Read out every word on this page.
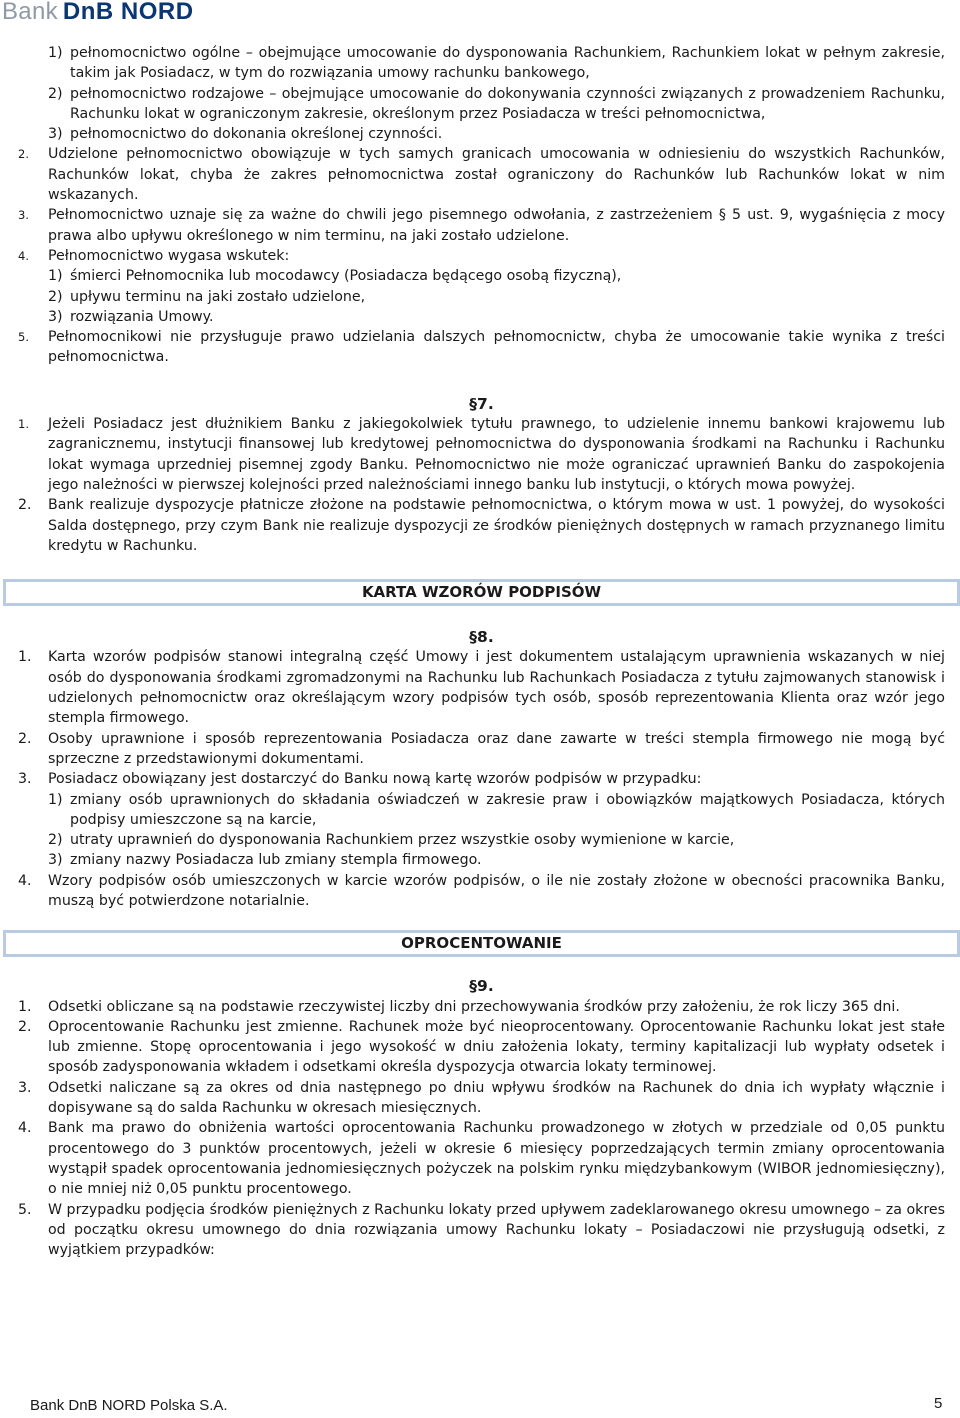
Bank DnB NORD
1) pełnomocnictwo ogólne – obejmujące umocowanie do dysponowania Rachunkiem, Rachunkiem lokat w pełnym zakresie, takim jak Posiadacz, w tym do rozwiązania umowy rachunku bankowego,
2) pełnomocnictwo rodzajowe – obejmujące umocowanie do dokonywania czynności związanych z prowadzeniem Rachunku, Rachunku lokat w ograniczonym zakresie, określonym przez Posiadacza w treści pełnomocnictwa,
3) pełnomocnictwo do dokonania określonej czynności.
2.	Udzielone pełnomocnictwo obowiązuje w tych samych granicach umocowania w odniesieniu do wszystkich Rachunków, Rachunków lokat, chyba że zakres pełnomocnictwa został ograniczony do Rachunków lub Rachunków lokat w nim wskazanych.
3.	Pełnomocnictwo uznaje się za ważne do chwili jego pisemnego odwołania, z zastrzeżeniem § 5 ust. 9, wygaśnięcia z mocy prawa albo upływu określonego w nim terminu, na jaki zostało udzielone.
4.	Pełnomocnictwo wygasa wskutek:
1) śmierci Pełnomocnika lub mocodawcy (Posiadacza będącego osobą fizyczną),
2) upływu terminu na jaki zostało udzielone,
3) rozwiązania Umowy.
5.	Pełnomocnikowi nie przysługuje prawo udzielania dalszych pełnomocnictw, chyba że umocowanie takie wynika z treści pełnomocnictwa.
§7.
1.	Jeżeli Posiadacz jest dłużnikiem Banku z jakiegokolwiek tytułu prawnego, to udzielenie innemu bankowi krajowemu lub zagranicznemu, instytucji finansowej lub kredytowej pełnomocnictwa do dysponowania środkami na Rachunku i Rachunku lokat wymaga uprzedniej pisemnej zgody Banku. Pełnomocnictwo nie może ograniczać uprawnień Banku do zaspokojenia jego należności w pierwszej kolejności przed należnościami innego banku lub instytucji, o których mowa powyżej.
2.	Bank realizuje dyspozycje płatnicze złożone na podstawie pełnomocnictwa, o którym mowa w ust. 1 powyżej, do wysokości Salda dostępnego, przy czym Bank nie realizuje dyspozycji ze środków pieniężnych dostępnych w ramach przyznanego limitu kredytu w Rachunku.
KARTA WZORÓW PODPISÓW
§8.
1.	Karta wzorów podpisów stanowi integralną część Umowy i jest dokumentem ustalającym uprawnienia wskazanych w niej osób do dysponowania środkami zgromadzonymi na Rachunku lub Rachunkach Posiadacza z tytułu zajmowanych stanowisk i udzielonych pełnomocnictw oraz określającym wzory podpisów tych osób, sposób reprezentowania Klienta oraz wzór jego stempla firmowego.
2.	Osoby uprawnione i sposób reprezentowania Posiadacza oraz dane zawarte w treści stempla firmowego nie mogą być sprzeczne z przedstawionymi dokumentami.
3.	Posiadacz obowiązany jest dostarczyć do Banku nową kartę wzorów podpisów w przypadku:
1) zmiany osób uprawnionych do składania oświadczeń w zakresie praw i obowiązków majątkowych Posiadacza, których podpisy umieszczone są na karcie,
2) utraty uprawnień do dysponowania Rachunkiem przez wszystkie osoby wymienione w karcie,
3) zmiany nazwy Posiadacza lub zmiany stempla firmowego.
4.	Wzory podpisów osób umieszczonych w karcie wzorów podpisów, o ile nie zostały złożone w obecności pracownika Banku, muszą być potwierdzone notarialnie.
OPROCENTOWANIE
§9.
1.	Odsetki obliczane są na podstawie rzeczywistej liczby dni przechowywania środków przy założeniu, że rok liczy 365 dni.
2.	Oprocentowanie Rachunku jest zmienne. Rachunek może być nieoprocentowany. Oprocentowanie Rachunku lokat jest stałe lub zmienne. Stopę oprocentowania i jego wysokość w dniu założenia lokaty, terminy kapitalizacji lub wypłaty odsetek i sposób zadysponowania wkładem i odsetkami określa dyspozycja otwarcia lokaty terminowej.
3.	Odsetki naliczane są za okres od dnia następnego po dniu wpływu środków na Rachunek do dnia ich wypłaty włącznie i dopisywane są do salda Rachunku w okresach miesięcznych.
4.	Bank ma prawo do obniżenia wartości oprocentowania Rachunku prowadzonego w złotych w przedziale od 0,05 punktu procentowego do 3 punktów procentowych, jeżeli w okresie 6 miesięcy poprzedzających termin zmiany oprocentowania wystąpił spadek oprocentowania jednomiesięcznych pożyczek na polskim rynku międzybankowym (WIBOR jednomiesięczny), o nie mniej niż 0,05 punktu procentowego.
5.	W przypadku podjęcia środków pieniężnych z Rachunku lokaty przed upływem zadeklarowanego okresu umownego – za okres od początku okresu umownego do dnia rozwiązania umowy Rachunku lokaty – Posiadaczowi nie przysługują odsetki, z wyjątkiem przypadków:
Bank DnB NORD Polska S.A.	5
